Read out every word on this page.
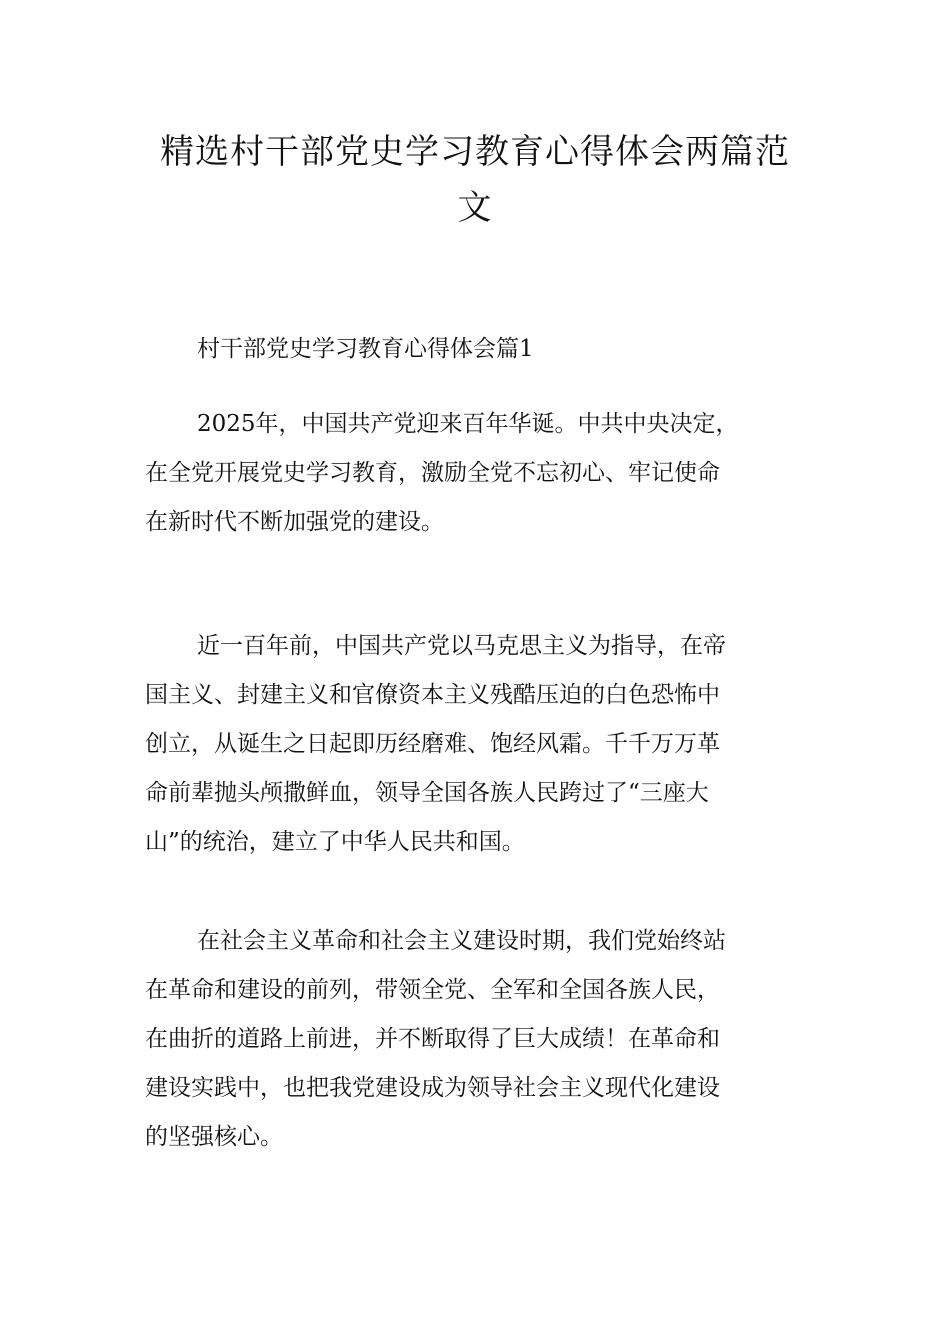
精选村干部党史学习教育心得体会两篇范
文

村干部党史学习教育心得体会篇1

2025年，中国共产党迎来百年华诞。中共中央决定，
在全党开展党史学习教育，激励全党不忘初心、牢记使命
在新时代不断加强党的建设。

近一百年前，中国共产党以马克思主义为指导，在帝
国主义、封建主义和官僚资本主义残酷压迫的白色恐怖中
创立，从诞生之日起即历经磨难、饱经风霜。千千万万革
命前辈抛头颅撒鲜血，领导全国各族人民跨过了“三座大
山”的统治，建立了中华人民共和国。

在社会主义革命和社会主义建设时期，我们党始终站
在革命和建设的前列，带领全党、全军和全国各族人民，
在曲折的道路上前进，并不断取得了巨大成绩！在革命和
建设实践中，也把我党建设成为领导社会主义现代化建设
的坚强核心。
